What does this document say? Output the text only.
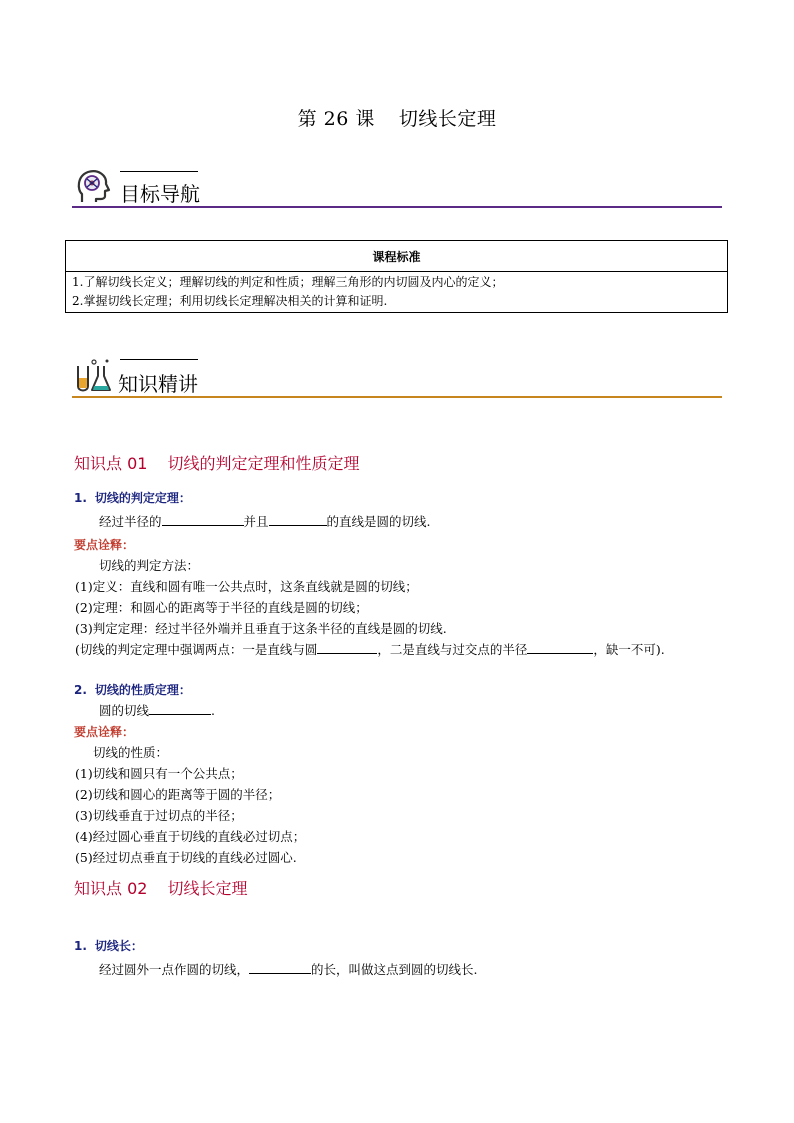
第 26 课 切线长定理
目标导航
课程标准

1.了解切线长定义；理解切线的判定和性质；理解三角形的内切圆及内心的定义；
2.掌握切线长定理；利用切线长定理解决相关的计算和证明.
知识精讲
知识点 01 切线的判定定理和性质定理
1. 切线的判定定理：
经过半径的	并且	的直线是圆的切线.
要点诠释：
切线的判定方法：
(1)定义：直线和圆有唯一公共点时，这条直线就是圆的切线；
(2)定理：和圆心的距离等于半径的直线是圆的切线；
(3)判定定理：经过半径外端并且垂直于这条半径的直线是圆的切线.
(切线的判定定理中强调两点：一是直线与圆	，二是直线与过交点的半径	，缺一不可).
2. 切线的性质定理：
圆的切线	.
要点诠释：
切线的性质：
(1)切线和圆只有一个公共点；
(2)切线和圆心的距离等于圆的半径；
(3)切线垂直于过切点的半径；
(4)经过圆心垂直于切线的直线必过切点；
(5)经过切点垂直于切线的直线必过圆心.
知识点 02 切线长定理
1. 切线长：
经过圆外一点作圆的切线，	的长，叫做这点到圆的切线长.
